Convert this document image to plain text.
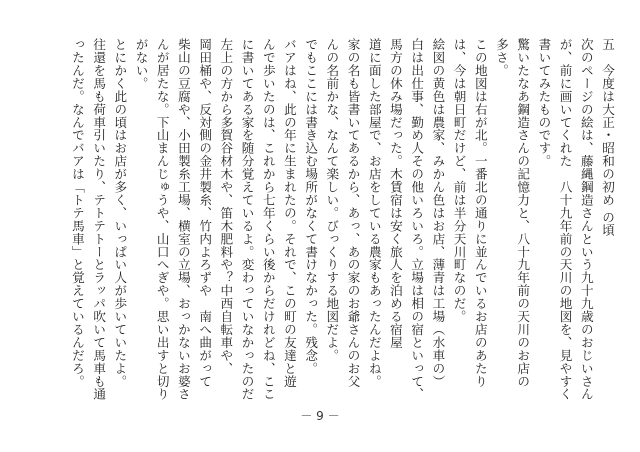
五　今度は大正・昭和の初め の頃
次のページの絵は、藤縄鋼造さんという九十九歳のおじいさん
が、前に画いてくれた　八十九年前の天川の地図を、見やすく
書いてみたものです。
驚いたなあ鋼造さんの記憶力と、八十九年前の天川のお店の
多さ。
この地図は右が北。一番北の通りに並んでいるお店のあたり
は、今は朝日町だけど、前は半分天川町なのだ。
絵図の黄色は農家、みかん色はお店、薄青は工場（水車の）
白は出仕事、勤め人その他いろいろ。立場は相の宿といって、
馬方の休み場だった。木賃宿は安く旅人を泊める宿屋
道に面した部屋で、お店をしている農家もあったんだよね。
家の名も皆書いてあるから、あっ、あの家のお爺さんのお父
んの名前かな、なんて楽しい。びっくりする地図だよ。
でもここには書き込む場所がなくて書けなかった。残念。
バアはね、此の年に生まれたの。それで、この町の友達と遊
んで歩いたのは、これから七年くらい後からだけれどね、ここ
に書いてある家を随分覚えているよ。変わっていなかったのだ
左上の方から多賀谷材木や、笛木肥料や？中西自転車や、
岡田桶や、反対側の金井製糸、竹内よろずや　南へ曲がって
柴山の豆腐や、小田製糸工場、横室の立場、おっかないお婆さ
んが居たな。下山まんじゅうや、山口へぎや。思い出すと切り
がない。
とにかく此の頃はお店が多く、いっぱい人が歩いていたよ。
往還を馬も荷車引いたり、テトテトーとラッパ吹いて馬車も通
ったんだ。なんでバアは「トテ馬車」と覚えているんだろ。
－ 9 －
